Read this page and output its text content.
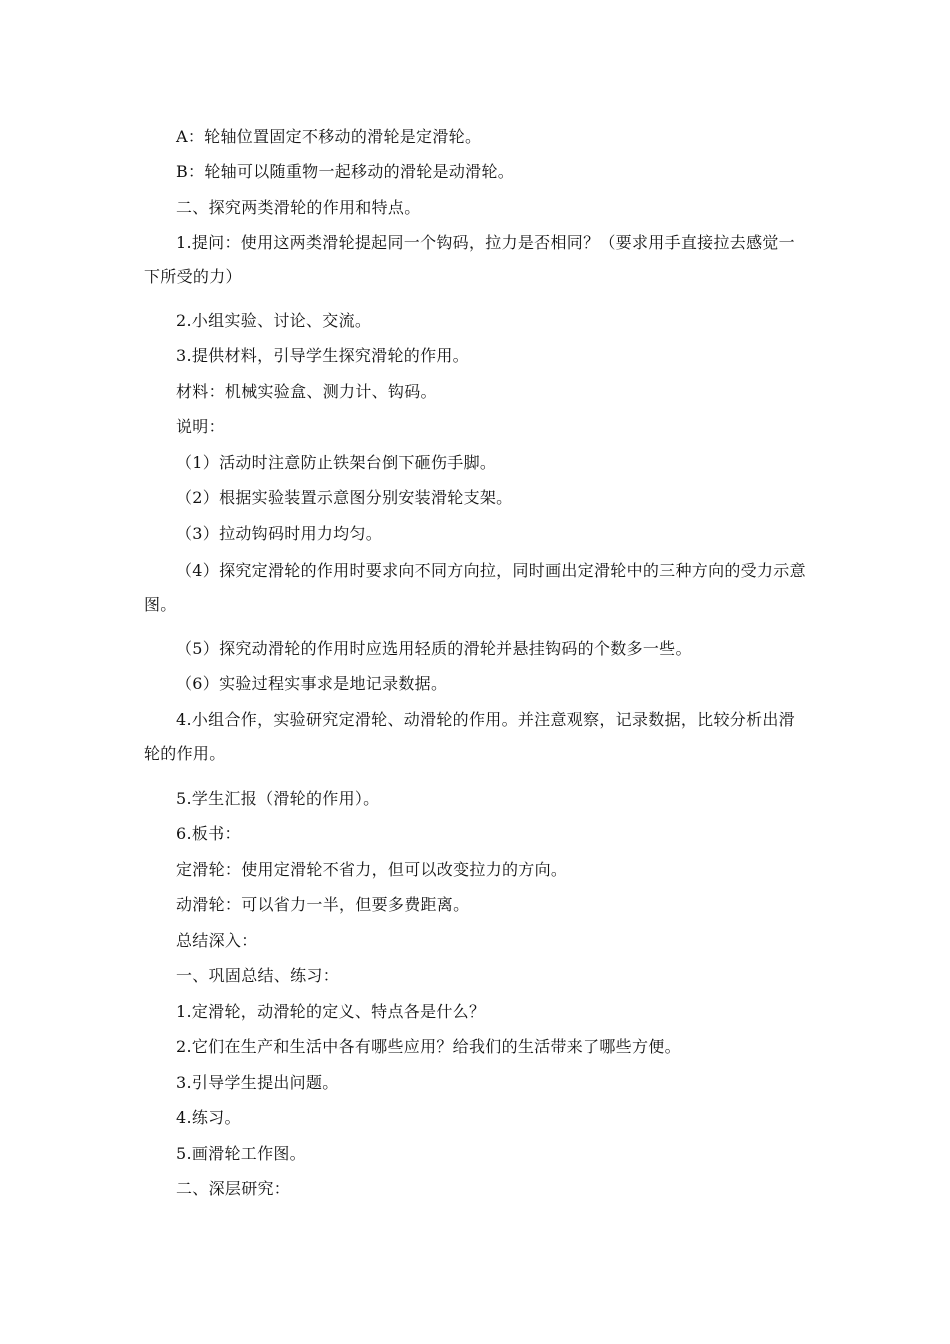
A：轮轴位置固定不移动的滑轮是定滑轮。

B：轮轴可以随重物一起移动的滑轮是动滑轮。

二、探究两类滑轮的作用和特点。

1.提问：使用这两类滑轮提起同一个钩码，拉力是否相同？（要求用手直接拉去感觉一下所受的力）

2.小组实验、讨论、交流。

3.提供材料，引导学生探究滑轮的作用。

材料：机械实验盒、测力计、钩码。

说明：

（1）活动时注意防止铁架台倒下砸伤手脚。

（2）根据实验装置示意图分别安装滑轮支架。

（3）拉动钩码时用力均匀。

（4）探究定滑轮的作用时要求向不同方向拉，同时画出定滑轮中的三种方向的受力示意图。

（5）探究动滑轮的作用时应选用轻质的滑轮并悬挂钩码的个数多一些。

（6）实验过程实事求是地记录数据。

4.小组合作，实验研究定滑轮、动滑轮的作用。并注意观察，记录数据，比较分析出滑轮的作用。

5.学生汇报（滑轮的作用）。

6.板书：

定滑轮：使用定滑轮不省力，但可以改变拉力的方向。

动滑轮：可以省力一半，但要多费距离。

总结深入：

一、巩固总结、练习：

1.定滑轮，动滑轮的定义、特点各是什么？

2.它们在生产和生活中各有哪些应用？给我们的生活带来了哪些方便。

3.引导学生提出问题。

4.练习。

5.画滑轮工作图。

二、深层研究：
